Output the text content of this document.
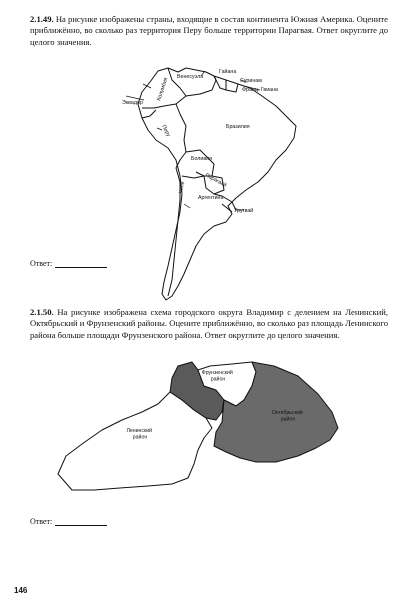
2.1.49. На рисунке изображены страны, входящие в состав континента Южная Америка. Оцените приближённо, во сколько раз территория Перу больше территории Парагвая. Ответ округлите до целого значения.

Венесуэла
Гайана
Суринам
Франц. Гвиана
Колумбия
Эквадор
Перу	Бразилия
Боливия
Парагвай
Чили
Аргентина
Уругвай
Ответ:

2.1.50. На рисунке изображена схема городского округа Владимир с делением на Ленинский, Октябрьский и Фрунзенский районы. Оцените приближённо, во сколько раз площадь Ленинского района больше площади Фрунзенского района. Ответ округлите до целого значения.

Фрунзенский район
Октябрьский район
Ленинский район
Ответ:
146
